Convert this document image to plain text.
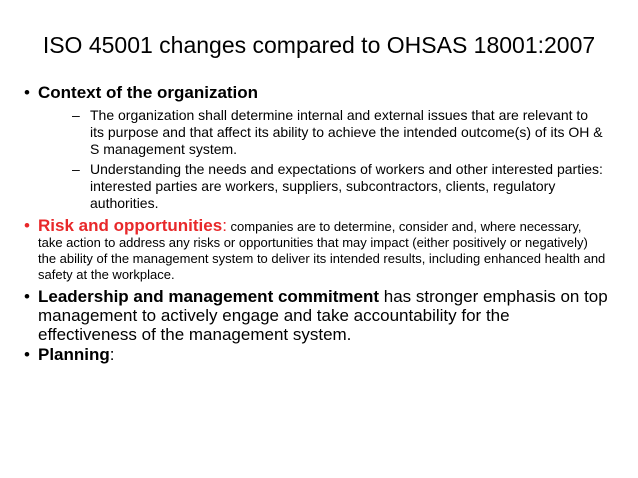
ISO 45001 changes compared to OHSAS 18001:2007
• Context of the organization
– The organization shall determine internal and external issues that are relevant to its purpose and that affect its ability to achieve the intended outcome(s) of its OH & S management system.
– Understanding the needs and expectations of workers and other interested parties: interested parties are workers, suppliers, subcontractors, clients, regulatory authorities.
• Risk and opportunities: companies are to determine, consider and, where necessary, take action to address any risks or opportunities that may impact (either positively or negatively) the ability of the management system to deliver its intended results, including enhanced health and safety at the workplace.
• Leadership and management commitment has stronger emphasis on top management to actively engage and take accountability for the effectiveness of the management system.
• Planning:
